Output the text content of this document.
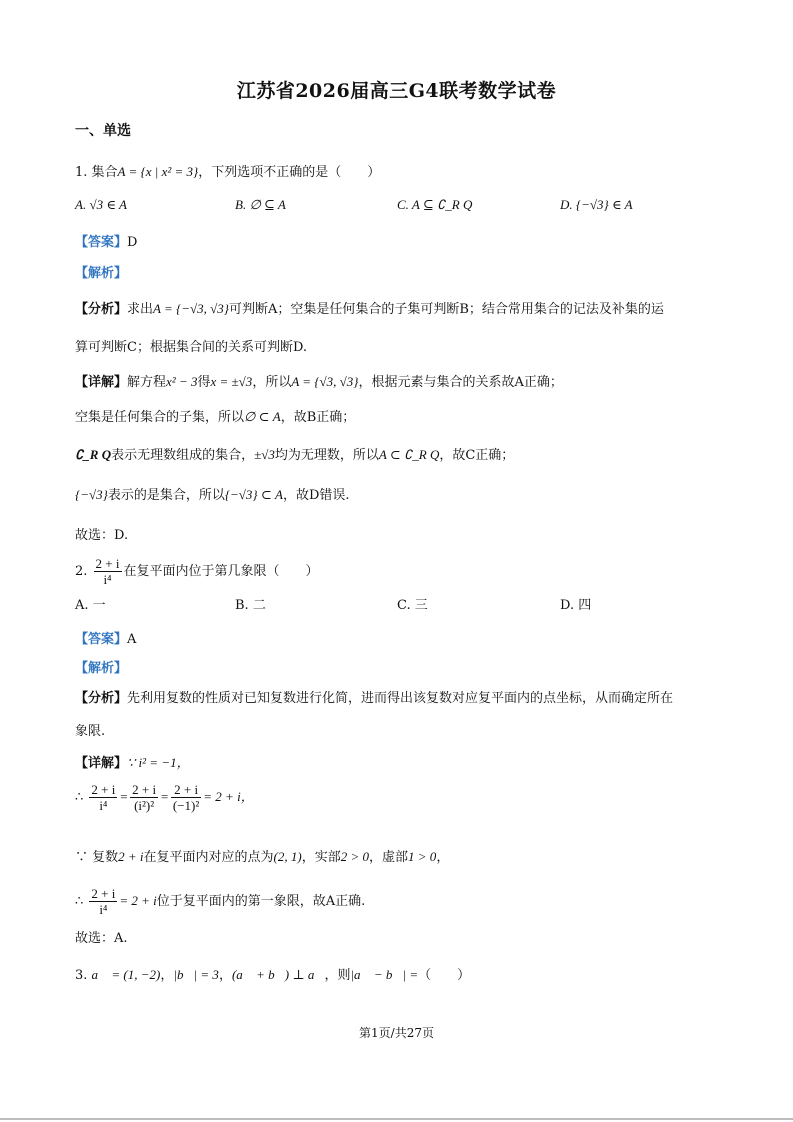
江苏省2026届高三G4联考数学试卷
一、单选
1. 集合A = {x | x² = 3}，下列选项不正确的是（　　）
A. √3 ∈ A	B. ∅ ⊆ A	C. A ⊆ ∁_R Q	D. {−√3} ∈ A
【答案】D
【解析】
【分析】求出A = {−√3, √3}可判断A；空集是任何集合的子集可判断B；结合常用集合的记法及补集的运
算可判断C；根据集合间的关系可判断D.
【详解】解方程x² − 3得x = ±√3，所以A = {√3, √3}，根据元素与集合的关系故A正确；
空集是任何集合的子集，所以∅ ⊂ A，故B正确；
∁_R Q表示无理数组成的集合，±√3均为无理数，所以A ⊂ ∁_R Q，故C正确；
{−√3}表示的是集合，所以{−√3} ⊂ A，故D错误.
故选：D.
2. $\frac{2 + i}{\text{i⁴}}$ 在复平面内位于第几象限（　　）
A. 一	B. 二	C. 三	D. 四
【答案】A
【解析】
【分析】先利用复数的性质对已知复数进行化简，进而得出该复数对应复平面内的点坐标，从而确定所在
象限.
【详解】∵ i² = −1，
∴ $\frac{2 + i}{\text{i⁴}} = \frac{2 + i}{\text{(i²)²}} = \frac{2 + i}{\text{(−1)²}} = 2 + i$，
∵ 复数2 + i在复平面内对应的点为(2, 1)，实部2 > 0，虚部1 > 0，
∴ $\frac{2 + i}{\text{i⁴}} = 2 + i$位于复平面内的第一象限，故A正确.
故选：A.
3. a⃗ = (1, −2)，|b⃗| = 3，(a⃗ + b⃗) ⊥ a⃗，则|a⃗ − b⃗| =（　　）
第1页/共27页
